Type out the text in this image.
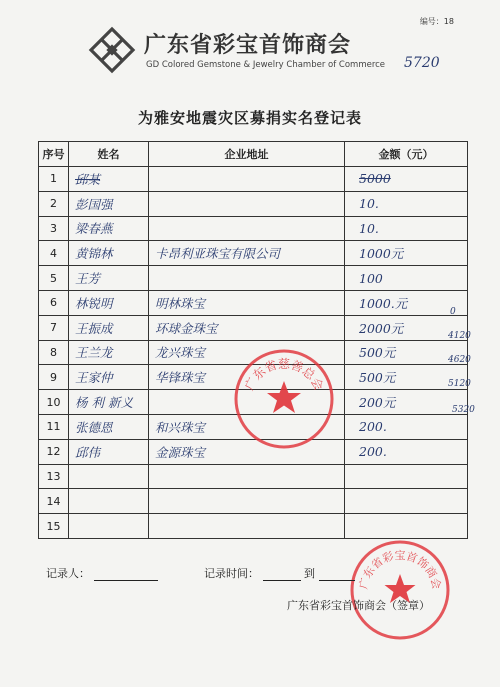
编号：18
广东省彩宝首饰商会
GD Colored Gemstone & Jewelry Chamber of Commerce 5720
为雅安地震灾区募捐实名登记表
序号	姓名	企业地址	金额（元）
1	邱某		5000
2	彭国强		10.
3	梁春燕		10.
4	黄锦林	卡昂利亚珠宝有限公司	1000元
5	王芳		100
6	林锐明	明林珠宝	1000.元
7	王振成	环球金珠宝	2000元
8	王兰龙	龙兴珠宝	500元
9	王家仲	华锋珠宝	500元
10	杨 利 新义		200元
11	张德恩	和兴珠宝	200.
12	邱伟	金源珠宝	200.
13			
14			
15			
0
4120
4620
5120
5320
广东省慈善总会
广东省彩宝首饰商会
记录人：	记录时间：	到
广东省彩宝首饰商会（签章）
